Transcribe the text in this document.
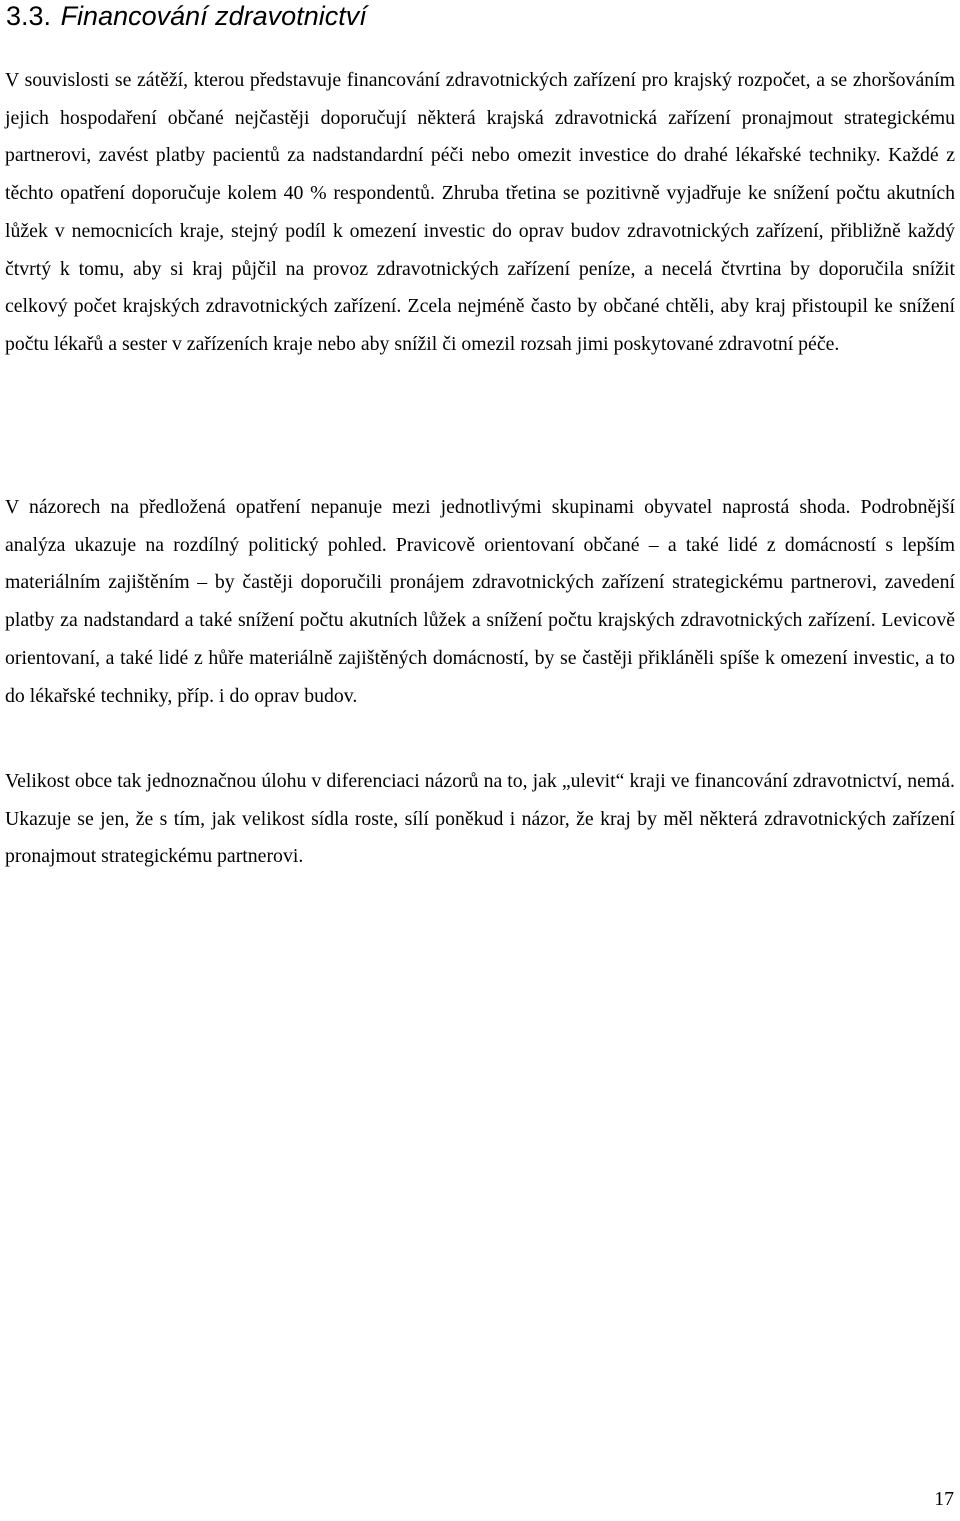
3.3. Financování zdravotnictví

V souvislosti se zátěží, kterou představuje financování zdravotnických zařízení pro krajský rozpočet, a se zhoršováním jejich hospodaření občané nejčastěji doporučují některá krajská zdravotnická zařízení pronajmout strategickému partnerovi, zavést platby pacientů za nadstandardní péči nebo omezit investice do drahé lékařské techniky. Každé z těchto opatření doporučuje kolem 40 % respondentů. Zhruba třetina se pozitivně vyjadřuje ke snížení počtu akutních lůžek v nemocnicích kraje, stejný podíl k omezení investic do oprav budov zdravotnických zařízení, přibližně každý čtvrtý k tomu, aby si kraj půjčil na provoz zdravotnických zařízení peníze, a necelá čtvrtina by doporučila snížit celkový počet krajských zdravotnických zařízení. Zcela nejméně často by občané chtěli, aby kraj přistoupil ke snížení počtu lékařů a sester v zařízeních kraje nebo aby snížil či omezil rozsah jimi poskytované zdravotní péče.

V názorech na předložená opatření nepanuje mezi jednotlivými skupinami obyvatel naprostá shoda. Podrobnější analýza ukazuje na rozdílný politický pohled. Pravicově orientovaní občané – a také lidé z domácností s lepším materiálním zajištěním – by častěji doporučili pronájem zdravotnických zařízení strategickému partnerovi, zavedení platby za nadstandard a také snížení počtu akutních lůžek a snížení počtu krajských zdravotnických zařízení. Levicově orientovaní, a také lidé z hůře materiálně zajištěných domácností, by se častěji přikláněli spíše k omezení investic, a to do lékařské techniky, příp. i do oprav budov.

Velikost obce tak jednoznačnou úlohu v diferenciaci názorů na to, jak „ulevit“ kraji ve financování zdravotnictví, nemá. Ukazuje se jen, že s tím, jak velikost sídla roste, sílí poněkud i názor, že kraj by měl některá zdravotnických zařízení pronajmout strategickému partnerovi.

17
